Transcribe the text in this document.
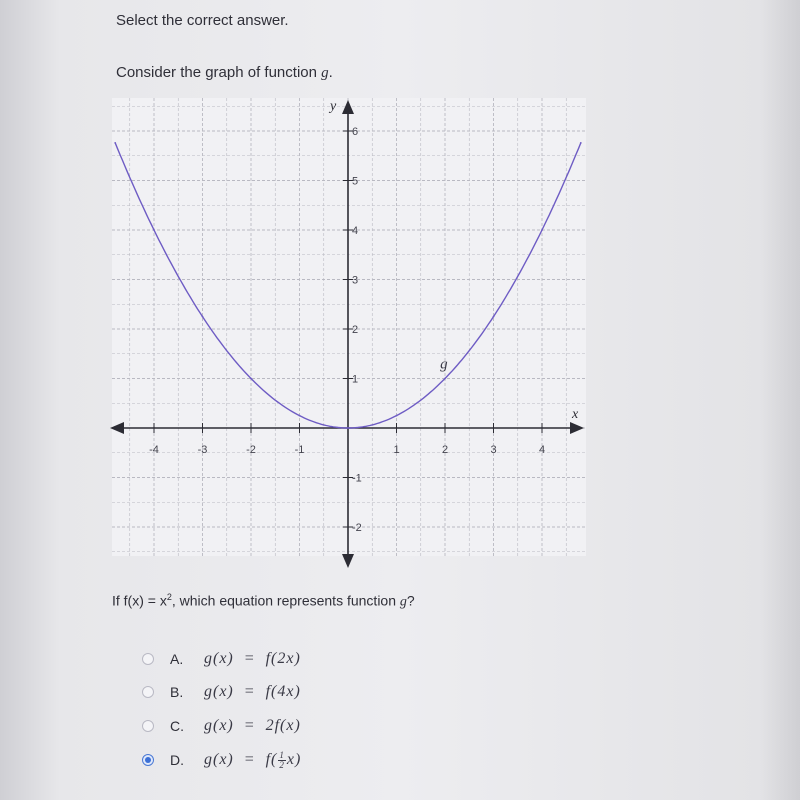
Select the correct answer.
Consider the graph of function g.
x
y
-4	-3	-2	-1	1	2	3	4
-2
-1
1
2
3
4
5
6
g
If $f(x) = x^2$, which equation represents function g?
A.	g(x) = f(2x)
B.	g(x) = f(4x)
C.	g(x) = 2f(x)
D.	$g(x) = f( \frac{1}{2} x)$
